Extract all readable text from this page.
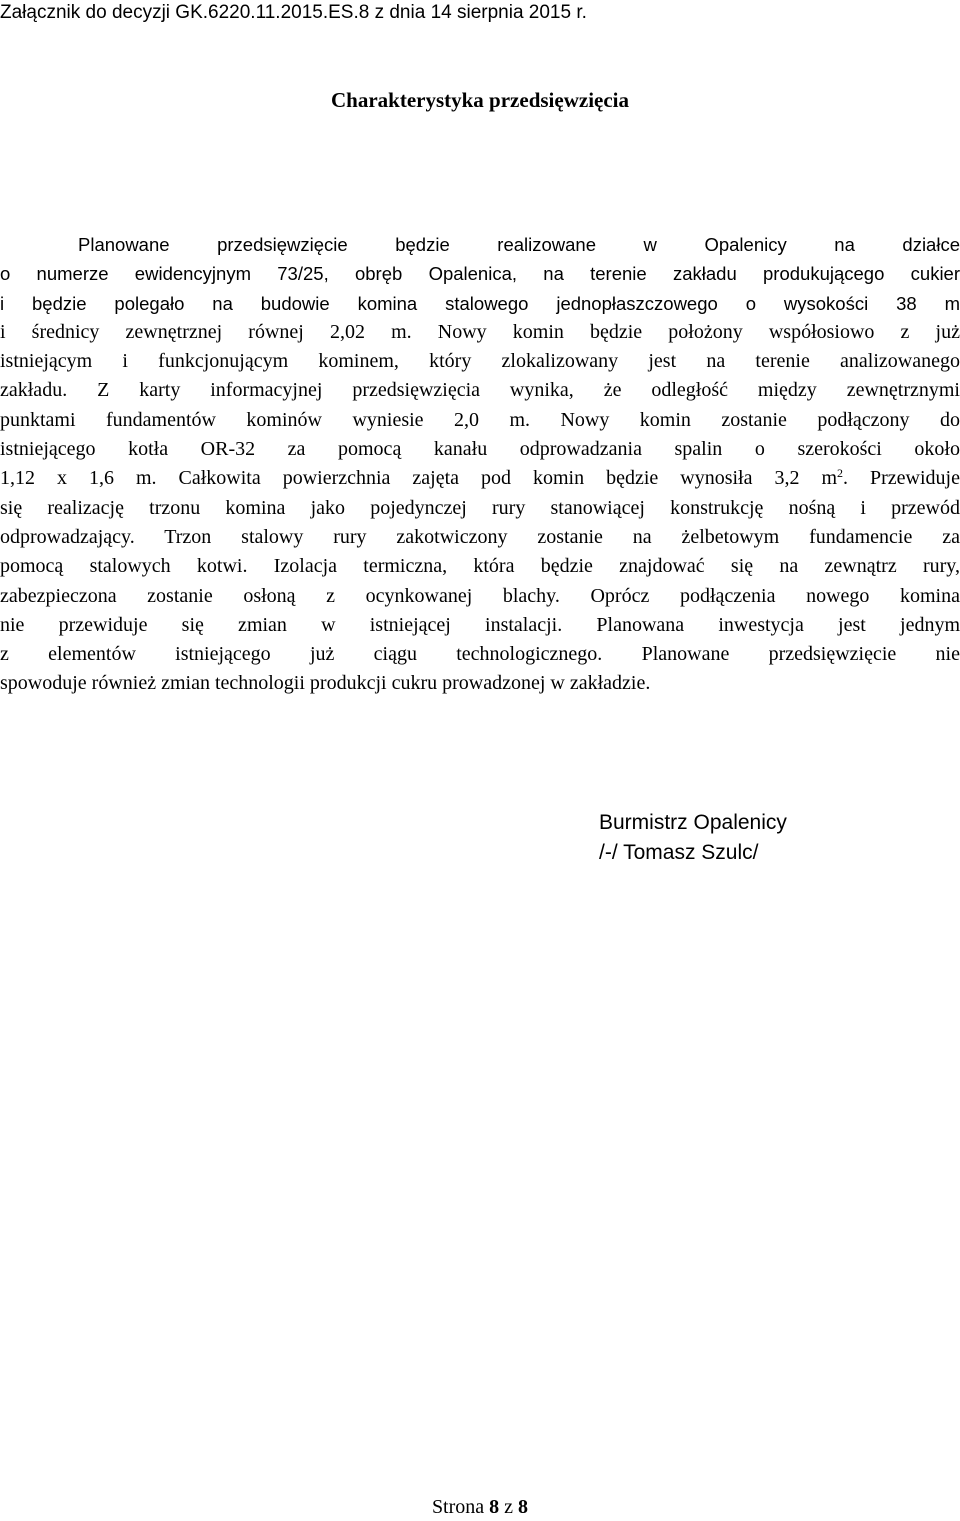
Załącznik do decyzji GK.6220.11.2015.ES.8 z dnia 14 sierpnia 2015 r.
Charakterystyka przedsięwzięcia
Planowane przedsięwzięcie będzie realizowane w Opalenicy na działce
o numerze ewidencyjnym 73/25, obręb Opalenica, na terenie zakładu produkującego cukier
i będzie polegało na budowie komina stalowego jednopłaszczowego o wysokości 38 m
i średnicy zewnętrznej równej 2,02 m. Nowy komin będzie położony współosiowo z już
istniejącym i funkcjonującym kominem, który zlokalizowany jest na terenie analizowanego
zakładu. Z karty informacyjnej przedsięwzięcia wynika, że odległość między zewnętrznymi
punktami fundamentów kominów wyniesie 2,0 m. Nowy komin zostanie podłączony do
istniejącego kotła OR-32 za pomocą kanału odprowadzania spalin o szerokości około
1,12 x 1,6 m. Całkowita powierzchnia zajęta pod komin będzie wynosiła 3,2 $m^2$. Przewiduje
się realizację trzonu komina jako pojedynczej rury stanowiącej konstrukcję nośną i przewód
odprowadzający. Trzon stalowy rury zakotwiczony zostanie na żelbetowym fundamencie za
pomocą stalowych kotwi. Izolacja termiczna, która będzie znajdować się na zewnątrz rury,
zabezpieczona zostanie osłoną z ocynkowanej blachy. Oprócz podłączenia nowego komina
nie przewiduje się zmian w istniejącej instalacji. Planowana inwestycja jest jednym
z elementów istniejącego już ciągu technologicznego. Planowane przedsięwzięcie nie
spowoduje również zmian technologii produkcji cukru prowadzonej w zakładzie.
Burmistrz Opalenicy
/-/ Tomasz Szulc/
Strona 8 z 8
